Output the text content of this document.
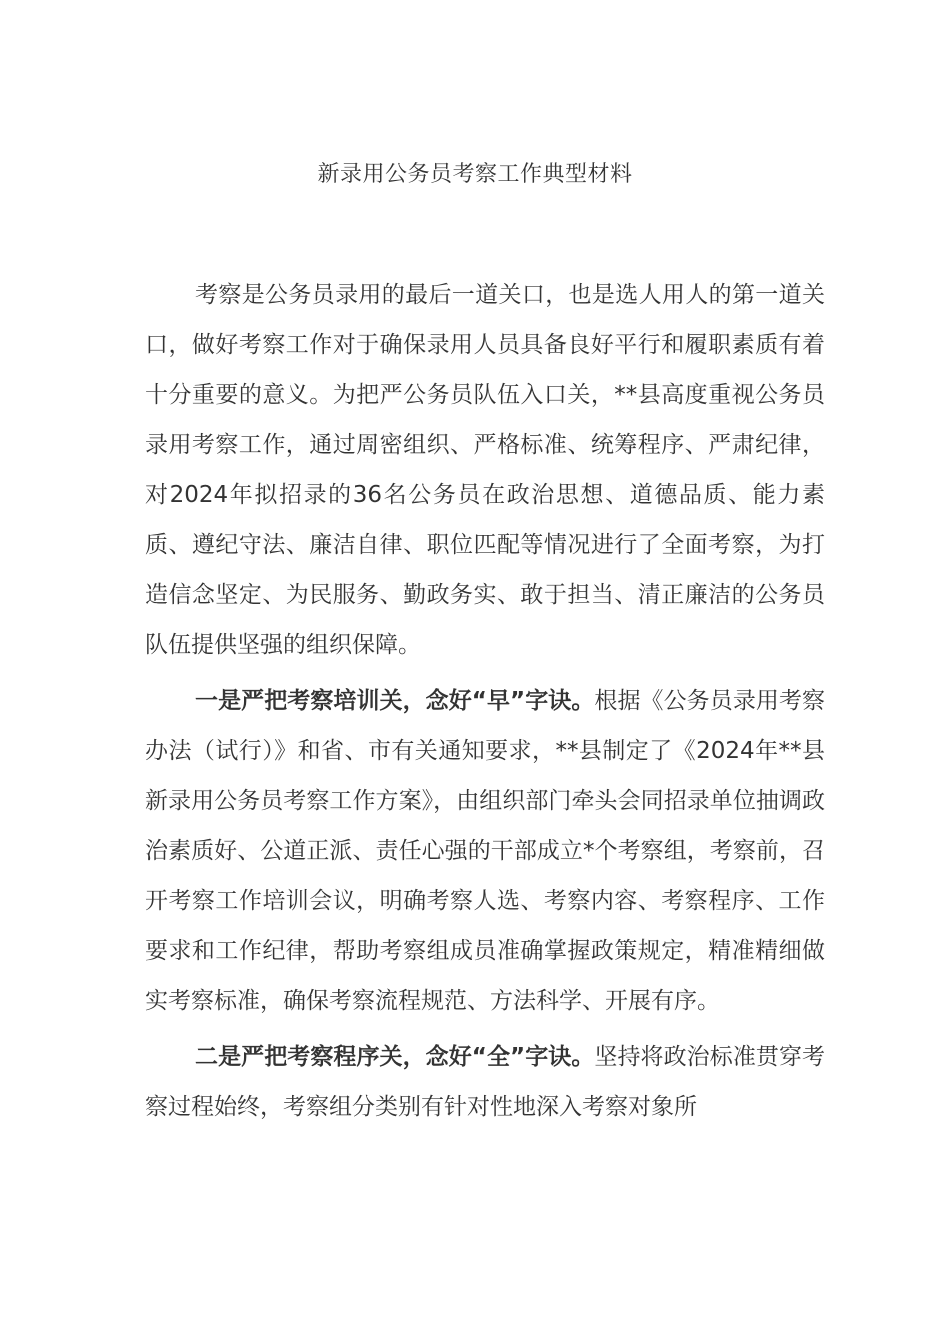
新录用公务员考察工作典型材料

考察是公务员录用的最后一道关口，也是选人用人的第一道关口，做好考察工作对于确保录用人员具备良好平行和履职素质有着十分重要的意义。为把严公务员队伍入口关，**县高度重视公务员录用考察工作，通过周密组织、严格标准、统筹程序、严肃纪律，对2024年拟招录的36名公务员在政治思想、道德品质、能力素质、遵纪守法、廉洁自律、职位匹配等情况进行了全面考察，为打造信念坚定、为民服务、勤政务实、敢于担当、清正廉洁的公务员队伍提供坚强的组织保障。

一是严把考察培训关，念好“早”字诀。根据《公务员录用考察办法（试行）》和省、市有关通知要求，**县制定了《2024年**县新录用公务员考察工作方案》，由组织部门牵头会同招录单位抽调政治素质好、公道正派、责任心强的干部成立*个考察组，考察前，召开考察工作培训会议，明确考察人选、考察内容、考察程序、工作要求和工作纪律，帮助考察组成员准确掌握政策规定，精准精细做实考察标准，确保考察流程规范、方法科学、开展有序。

二是严把考察程序关，念好“全”字诀。坚持将政治标准贯穿考察过程始终，考察组分类别有针对性地深入考察对象所
